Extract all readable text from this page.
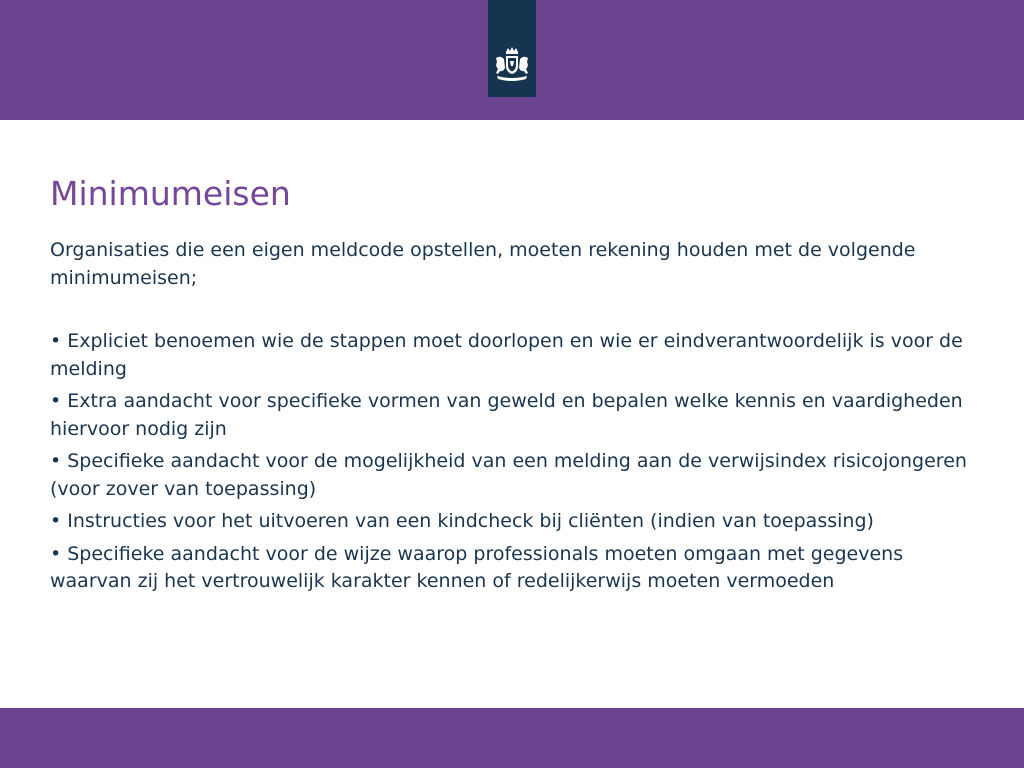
Minimumeisen

Organisaties die een eigen meldcode opstellen, moeten rekening houden met de volgende minimumeisen;

• Expliciet benoemen wie de stappen moet doorlopen en wie er eindverantwoordelijk is voor de melding

• Extra aandacht voor specifieke vormen van geweld en bepalen welke kennis en vaardigheden hiervoor nodig zijn

• Specifieke aandacht voor de mogelijkheid van een melding aan de verwijsindex risicojongeren (voor zover van toepassing)

• Instructies voor het uitvoeren van een kindcheck bij cliënten (indien van toepassing)

• Specifieke aandacht voor de wijze waarop professionals moeten omgaan met gegevens waarvan zij het vertrouwelijk karakter kennen of redelijkerwijs moeten vermoeden
